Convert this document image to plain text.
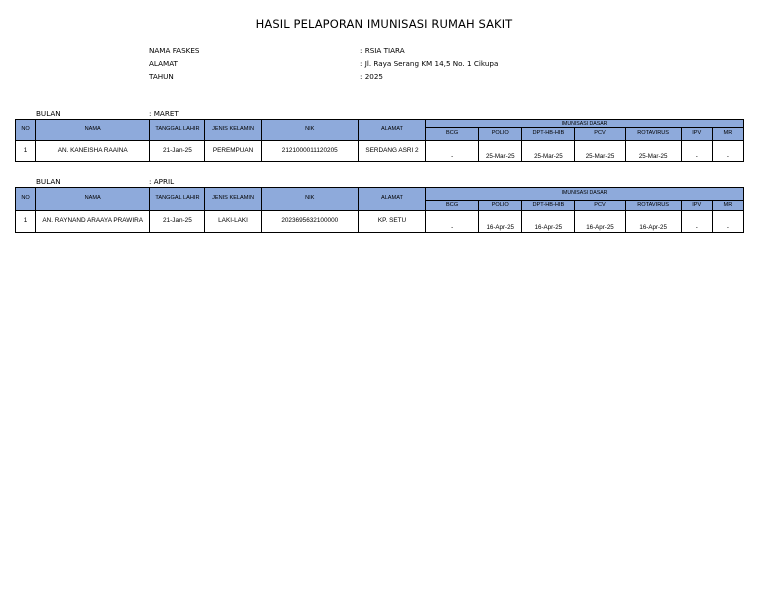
HASIL PELAPORAN IMUNISASI RUMAH SAKIT
NAMA FASKES	: RSIA TIARA
ALAMAT	: Jl. Raya Serang KM 14,5 No. 1 Cikupa
TAHUN	: 2025
BULAN	: MARET
NO	NAMA	TANGGAL LAHIR	JENIS KELAMIN	NIK	ALAMAT	IMUNISASI DASAR						
						BCG	POLIO	DPT-HB-HIB	PCV	ROTAVIRUS	IPV	MR
1	AN. KANEISHA RAAINA	21-Jan-25	PEREMPUAN	2121000011120205	SERDANG ASRI 2	-	25-Mar-25	25-Mar-25	25-Mar-25	25-Mar-25	-	-
BULAN	: APRIL
NO	NAMA	TANGGAL LAHIR	JENIS KELAMIN	NIK	ALAMAT	IMUNISASI DASAR						
						BCG	POLIO	DPT-HB-HIB	PCV	ROTAVIRUS	IPV	MR
1	AN. RAYNAND ARAAYA PRAWIRA	21-Jan-25	LAKI-LAKI	2023695632100000	KP. SETU	-	16-Apr-25	16-Apr-25	16-Apr-25	16-Apr-25	-	-
